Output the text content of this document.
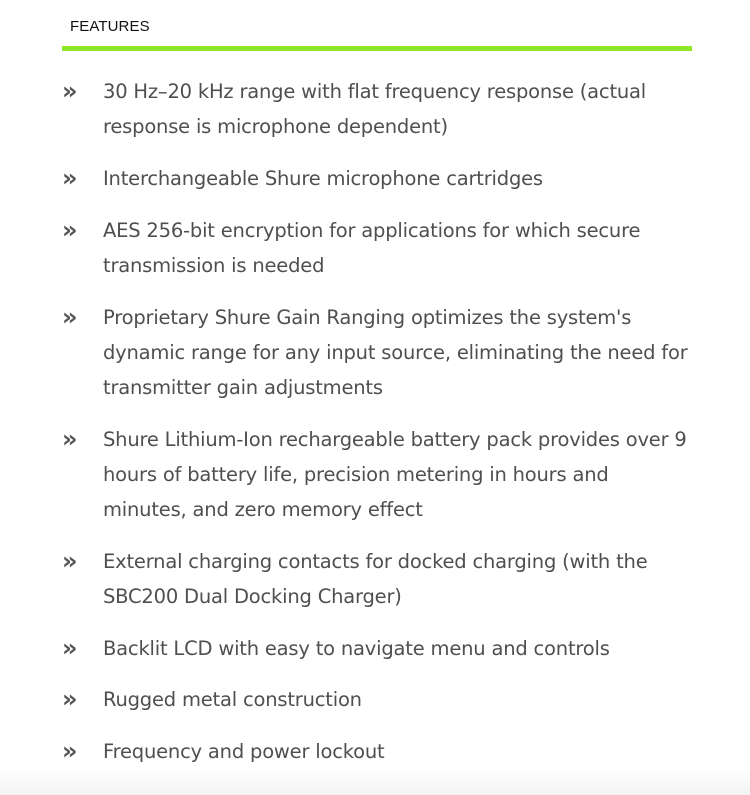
FEATURES
» 30 Hz–20 kHz range with flat frequency response (actual response is microphone dependent)
» Interchangeable Shure microphone cartridges
» AES 256-bit encryption for applications for which secure transmission is needed
» Proprietary Shure Gain Ranging optimizes the system's dynamic range for any input source, eliminating the need for transmitter gain adjustments
» Shure Lithium-Ion rechargeable battery pack provides over 9 hours of battery life, precision metering in hours and minutes, and zero memory effect
» External charging contacts for docked charging (with the SBC200 Dual Docking Charger)
» Backlit LCD with easy to navigate menu and controls
» Rugged metal construction
» Frequency and power lockout
